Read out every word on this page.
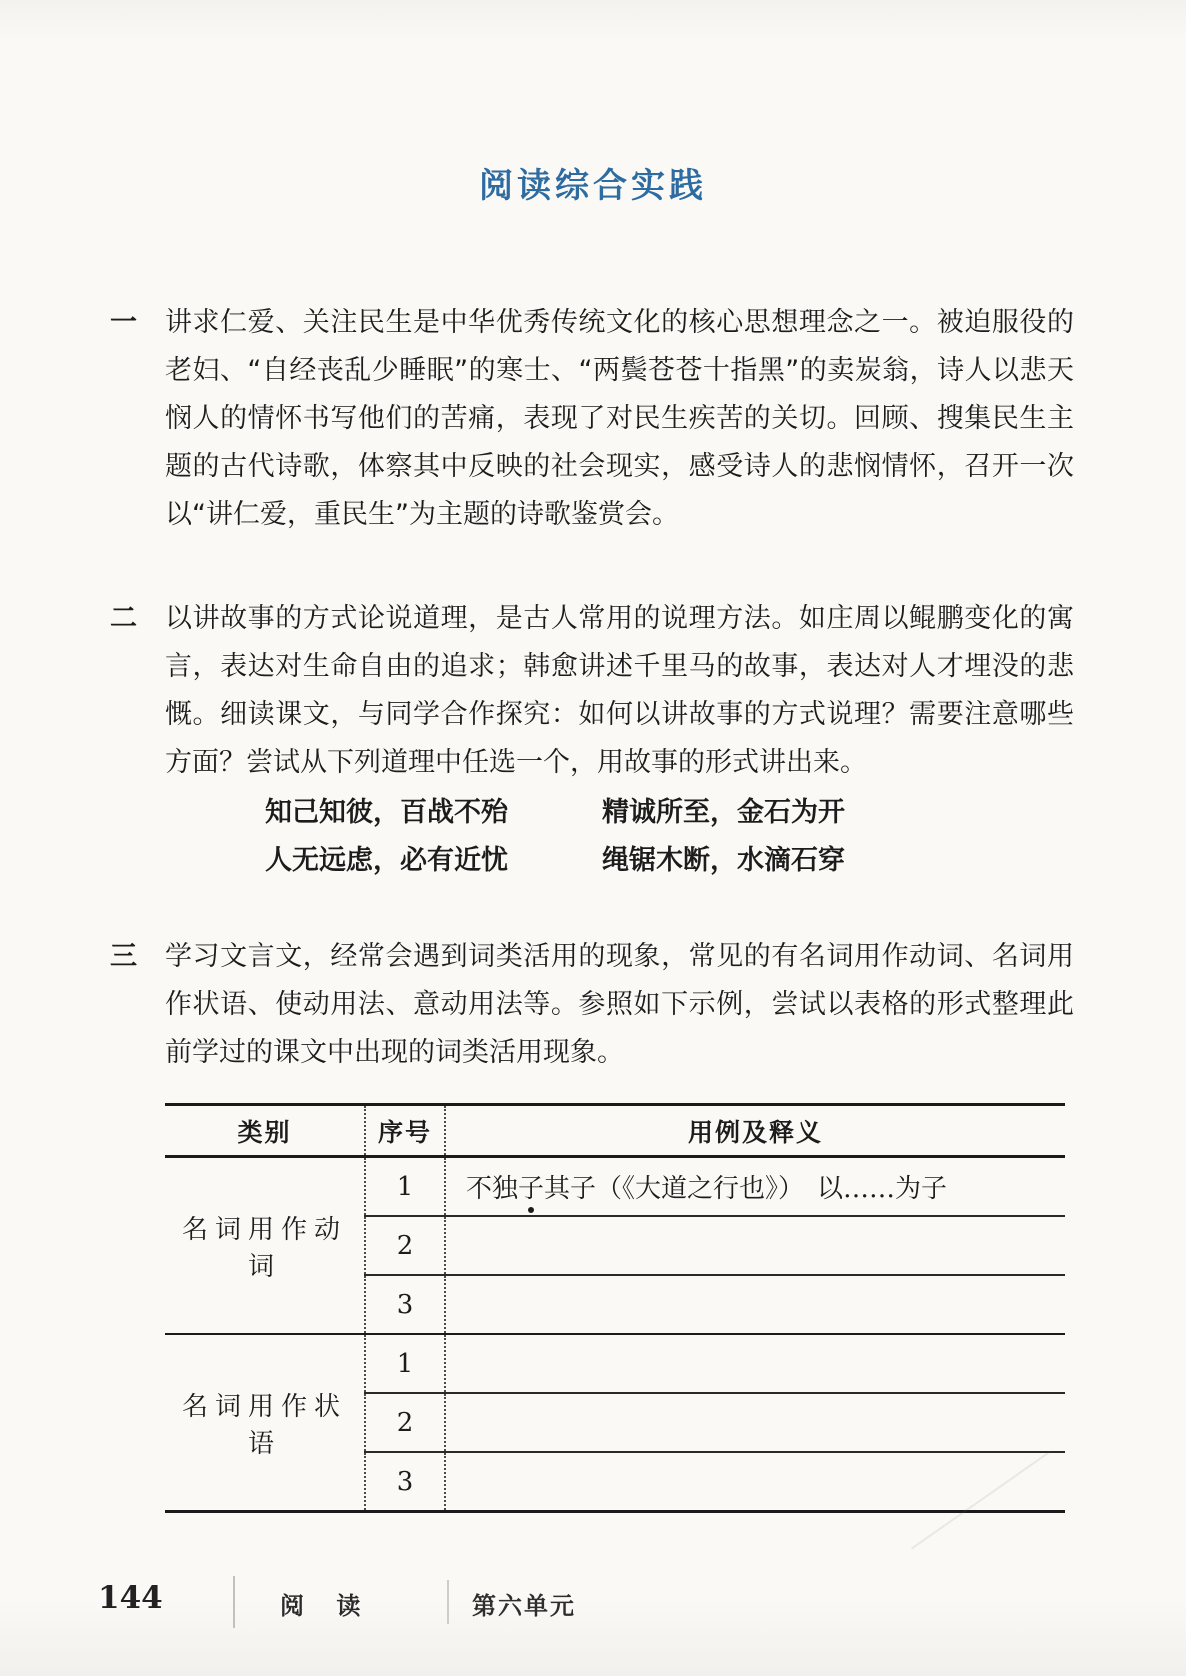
阅读综合实践
一	讲求仁爱、关注民生是中华优秀传统文化的核心思想理念之一。被迫服役的老妇、“自经丧乱少睡眠”的寒士、“两鬓苍苍十指黑”的卖炭翁，诗人以悲天悯人的情怀书写他们的苦痛，表现了对民生疾苦的关切。回顾、搜集民生主题的古代诗歌，体察其中反映的社会现实，感受诗人的悲悯情怀，召开一次以“讲仁爱，重民生”为主题的诗歌鉴赏会。
二	以讲故事的方式论说道理，是古人常用的说理方法。如庄周以鲲鹏变化的寓言，表达对生命自由的追求；韩愈讲述千里马的故事，表达对人才埋没的悲慨。细读课文，与同学合作探究：如何以讲故事的方式说理？需要注意哪些方面？尝试从下列道理中任选一个，用故事的形式讲出来。
知己知彼，百战不殆	精诚所至，金石为开
人无远虑，必有近忧	绳锯木断，水滴石穿
三	学习文言文，经常会遇到词类活用的现象，常见的有名词用作动词、名词用作状语、使动用法、意动用法等。参照如下示例，尝试以表格的形式整理此前学过的课文中出现的词类活用现象。
类别	序号	用例及释义
名词用作动词	1	不独子其子（《大道之行也》）　以……为子
	2	
	3	
名词用作状语	1	
	2	
	3	
144	阅 读	第六单元
